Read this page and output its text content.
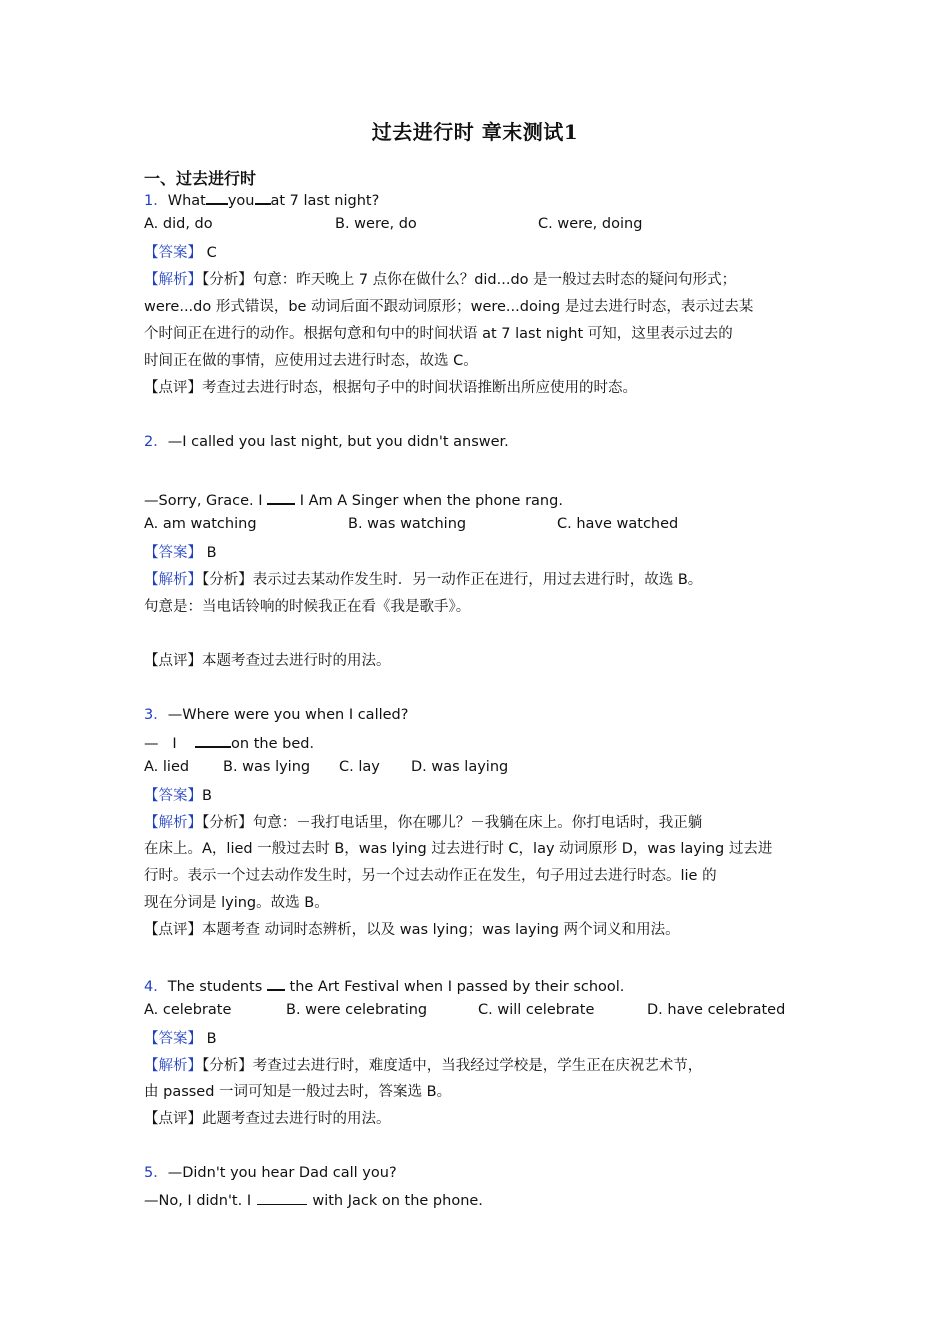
过去进行时 章末测试1
一、过去进行时
1．What you at 7 last night?
A. did, do	B. were, do	C. were, doing
【答案】 C
【解析】【分析】句意：昨天晚上 7 点你在做什么？did...do 是一般过去时态的疑问句形式；
were...do 形式错误，be 动词后面不跟动词原形；were...doing 是过去进行时态，表示过去某
个时间正在进行的动作。根据句意和句中的时间状语 at 7 last night 可知，这里表示过去的
时间正在做的事情，应使用过去进行时态，故选 C。
【点评】考查过去进行时态，根据句子中的时间状语推断出所应使用的时态。
2．—I called you last night, but you didn't answer.
—Sorry, Grace. I	I Am A Singer when the phone rang.
A. am watching	B. was watching	C. have watched
【答案】 B
【解析】【分析】表示过去某动作发生时．另一动作正在进行，用过去进行时，故选 B。
句意是：当电话铃响的时候我正在看《我是歌手》。
【点评】本题考查过去进行时的用法。
3．—Where were you when I called?
—   I	on the bed．
A. lied B. was lying C. lay D. was laying
【答案】B
【解析】【分析】句意：－我打电话里，你在哪儿？－我躺在床上。你打电话时，我正躺
在床上。A，lied 一般过去时 B，was lying 过去进行时 C，lay 动词原形 D，was laying 过去进
行时。表示一个过去动作发生时，另一个过去动作正在发生，句子用过去进行时态。lie 的
现在分词是 lying。故选 B。
【点评】本题考查 动词时态辨析，以及 was lying；was laying 两个词义和用法。
4．The students the Art Festival when I passed by their school.
A. celebrate	B. were celebrating	C. will celebrate	D. have celebrated
【答案】 B
【解析】【分析】考查过去进行时，难度适中，当我经过学校是，学生正在庆祝艺术节，
由 passed 一词可知是一般过去时，答案选 B。
【点评】此题考查过去进行时的用法。
5．—Didn't you hear Dad call you?
—No, I didn't. I	with Jack on the phone.
